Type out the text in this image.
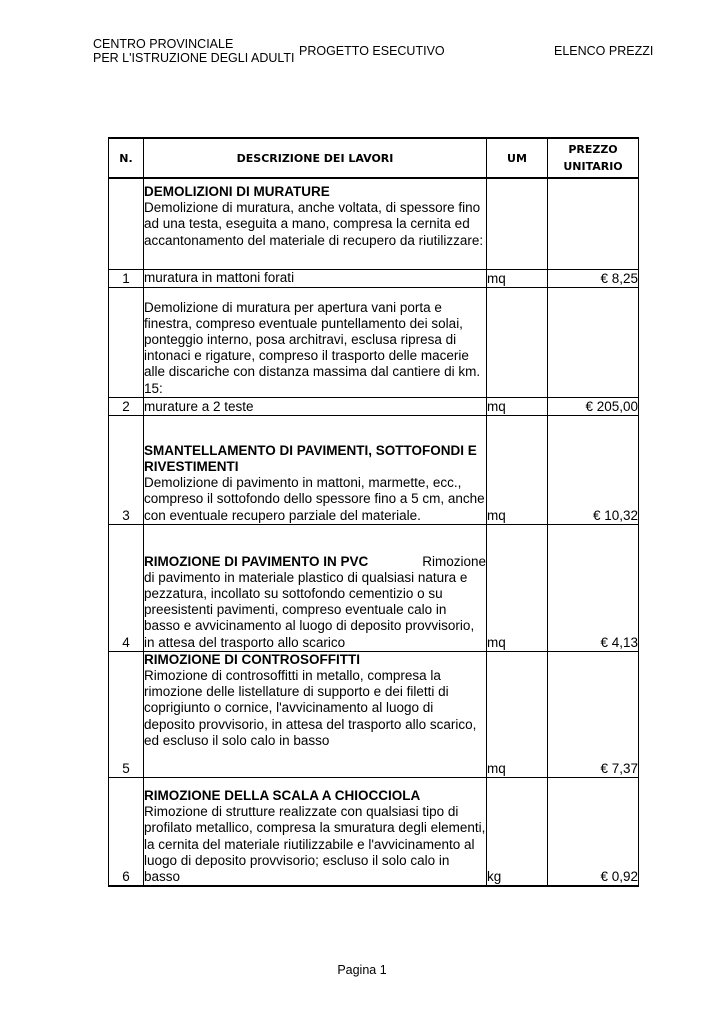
CENTRO PROVINCIALE
PER L'ISTRUZIONE DEGLI ADULTI PROGETTO ESECUTIVO	ELENCO PREZZI
N.	DESCRIZIONE DEI LAVORI	UM	PREZZO
UNITARIO

	DEMOLIZIONI DI MURATURE
Demolizione di muratura, anche voltata, di spessore fino ad una testa, eseguita a mano, compresa la cernita ed accantonamento del materiale di recupero da riutilizzare:		

1	muratura in mattoni forati	mq	€ 8,25

	Demolizione di muratura per apertura vani porta e finestra, compreso eventuale puntellamento dei solai, ponteggio interno, posa architravi, esclusa ripresa di intonaci e rigature, compreso il trasporto delle macerie alle discariche con distanza massima dal cantiere di km. 15:		

2	murature a 2 teste	mq	€ 205,00
3	SMANTELLAMENTO DI PAVIMENTI, SOTTOFONDI E RIVESTIMENTI
Demolizione di pavimento in mattoni, marmette, ecc., compreso il sottofondo dello spessore fino a 5 cm, anche con eventuale recupero parziale del materiale.	mq	€ 10,32
4	Rimozione
RIMOZIONE DI PAVIMENTO IN PVC
di pavimento in materiale plastico di qualsiasi natura e pezzatura, incollato su sottofondo cementizio o su preesistenti pavimenti, compreso eventuale calo in basso e avvicinamento al luogo di deposito provvisorio, in attesa del trasporto allo scarico	mq	€ 4,13
5	RIMOZIONE DI CONTROSOFFITTI
Rimozione di controsoffitti in metallo, compresa la rimozione delle listellature di supporto e dei filetti di coprigiunto o cornice, l'avvicinamento al luogo di deposito provvisorio, in attesa del trasporto allo scarico, ed escluso il solo calo in basso	mq	€ 7,37
6	RIMOZIONE DELLA SCALA A CHIOCCIOLA
Rimozione di strutture realizzate con qualsiasi tipo di profilato metallico, compresa la smuratura degli elementi, la cernita del materiale riutilizzabile e l'avvicinamento al luogo di deposito provvisorio; escluso il solo calo in basso	kg	€ 0,92
Pagina 1
